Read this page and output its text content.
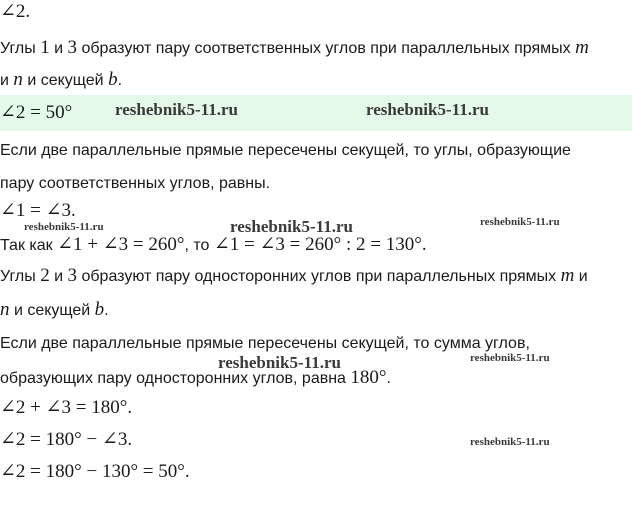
∠2.
Углы 1 и 3 образуют пару соответственных углов при параллельных прямых m
и n и секущей b.
∠2 = 50°
Если две параллельные прямые пересечены секущей, то углы, образующие
пару соответственных углов, равны.
∠1 = ∠3.
Так как ∠1 + ∠3 = 260°, то ∠1 = ∠3 = 260° : 2 = 130°.
Углы 2 и 3 образуют пару односторонних углов при параллельных прямых m и
n и секущей b.
Если две параллельные прямые пересечены секущей, то сумма углов,
образующих пару односторонних углов, равна 180°.
∠2 + ∠3 = 180°.
∠2 = 180° − ∠3.
∠2 = 180° − 130° = 50°.
reshebnik5-11.ru	reshebnik5-11.ru
reshebnik5-11.ru	reshebnik5-11.ru	reshebnik5-11.ru
reshebnik5-11.ru	reshebnik5-11.ru
reshebnik5-11.ru
